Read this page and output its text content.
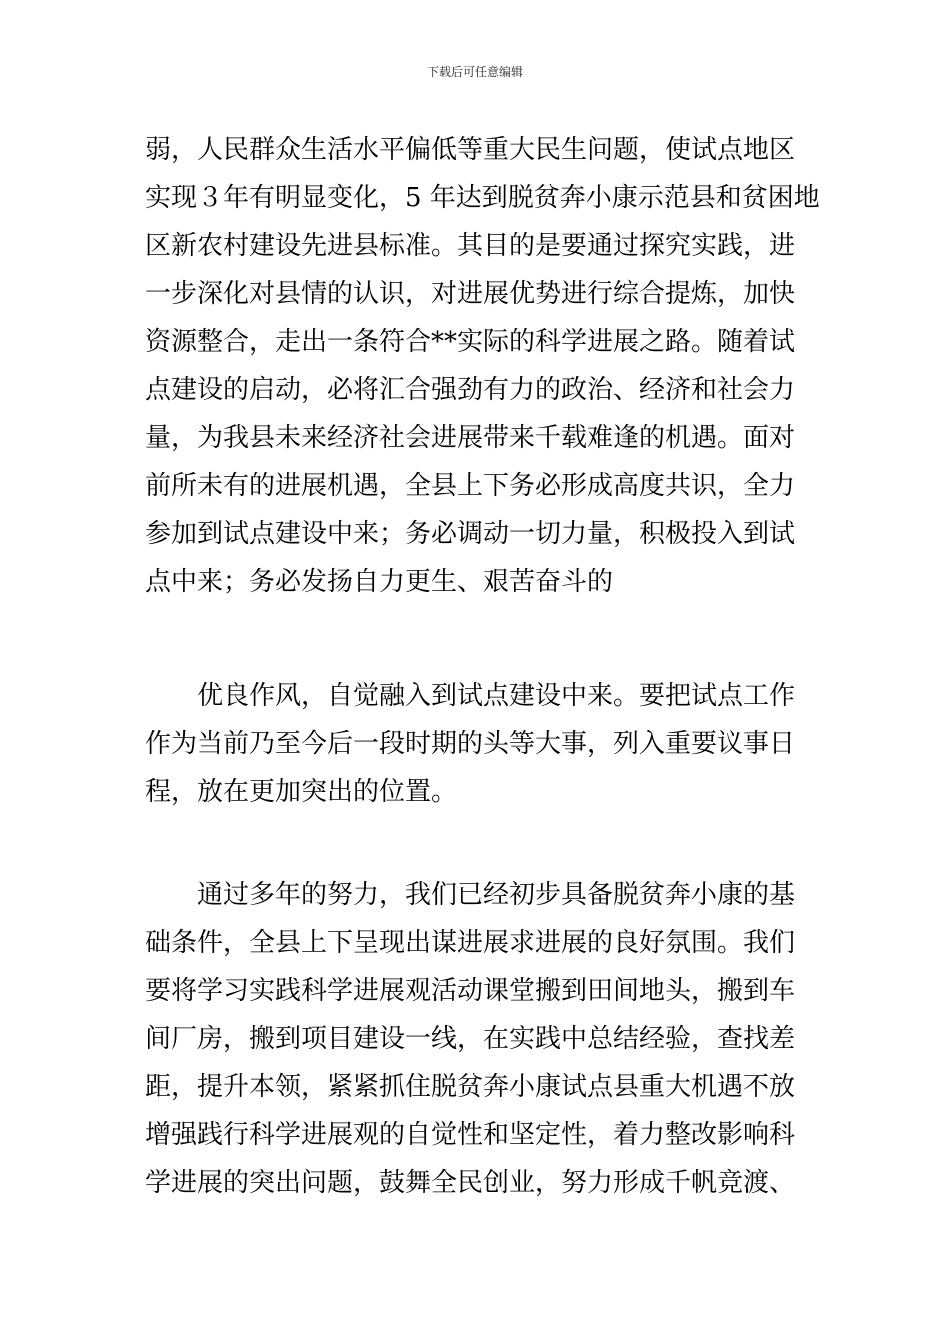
下载后可任意编辑
弱，人民群众生活水平偏低等重大民生问题，使试点地区
实现３年有明显变化，5 年达到脱贫奔小康示范县和贫困地
区新农村建设先进县标准。其目的是要通过探究实践，进
一步深化对县情的认识，对进展优势进行综合提炼，加快
资源整合，走出一条符合**实际的科学进展之路。随着试
点建设的启动，必将汇合强劲有力的政治、经济和社会力
量，为我县未来经济社会进展带来千载难逢的机遇。面对
前所未有的进展机遇，全县上下务必形成高度共识，全力
参加到试点建设中来；务必调动一切力量，积极投入到试
点中来；务必发扬自力更生、艰苦奋斗的
优良作风，自觉融入到试点建设中来。要把试点工作
作为当前乃至今后一段时期的头等大事，列入重要议事日
程，放在更加突出的位置。
通过多年的努力，我们已经初步具备脱贫奔小康的基
础条件，全县上下呈现出谋进展求进展的良好氛围。我们
要将学习实践科学进展观活动课堂搬到田间地头，搬到车
间厂房，搬到项目建设一线，在实践中总结经验，查找差
距，提升本领，紧紧抓住脱贫奔小康试点县重大机遇不放
增强践行科学进展观的自觉性和坚定性，着力整改影响科
学进展的突出问题，鼓舞全民创业，努力形成千帆竞渡、
